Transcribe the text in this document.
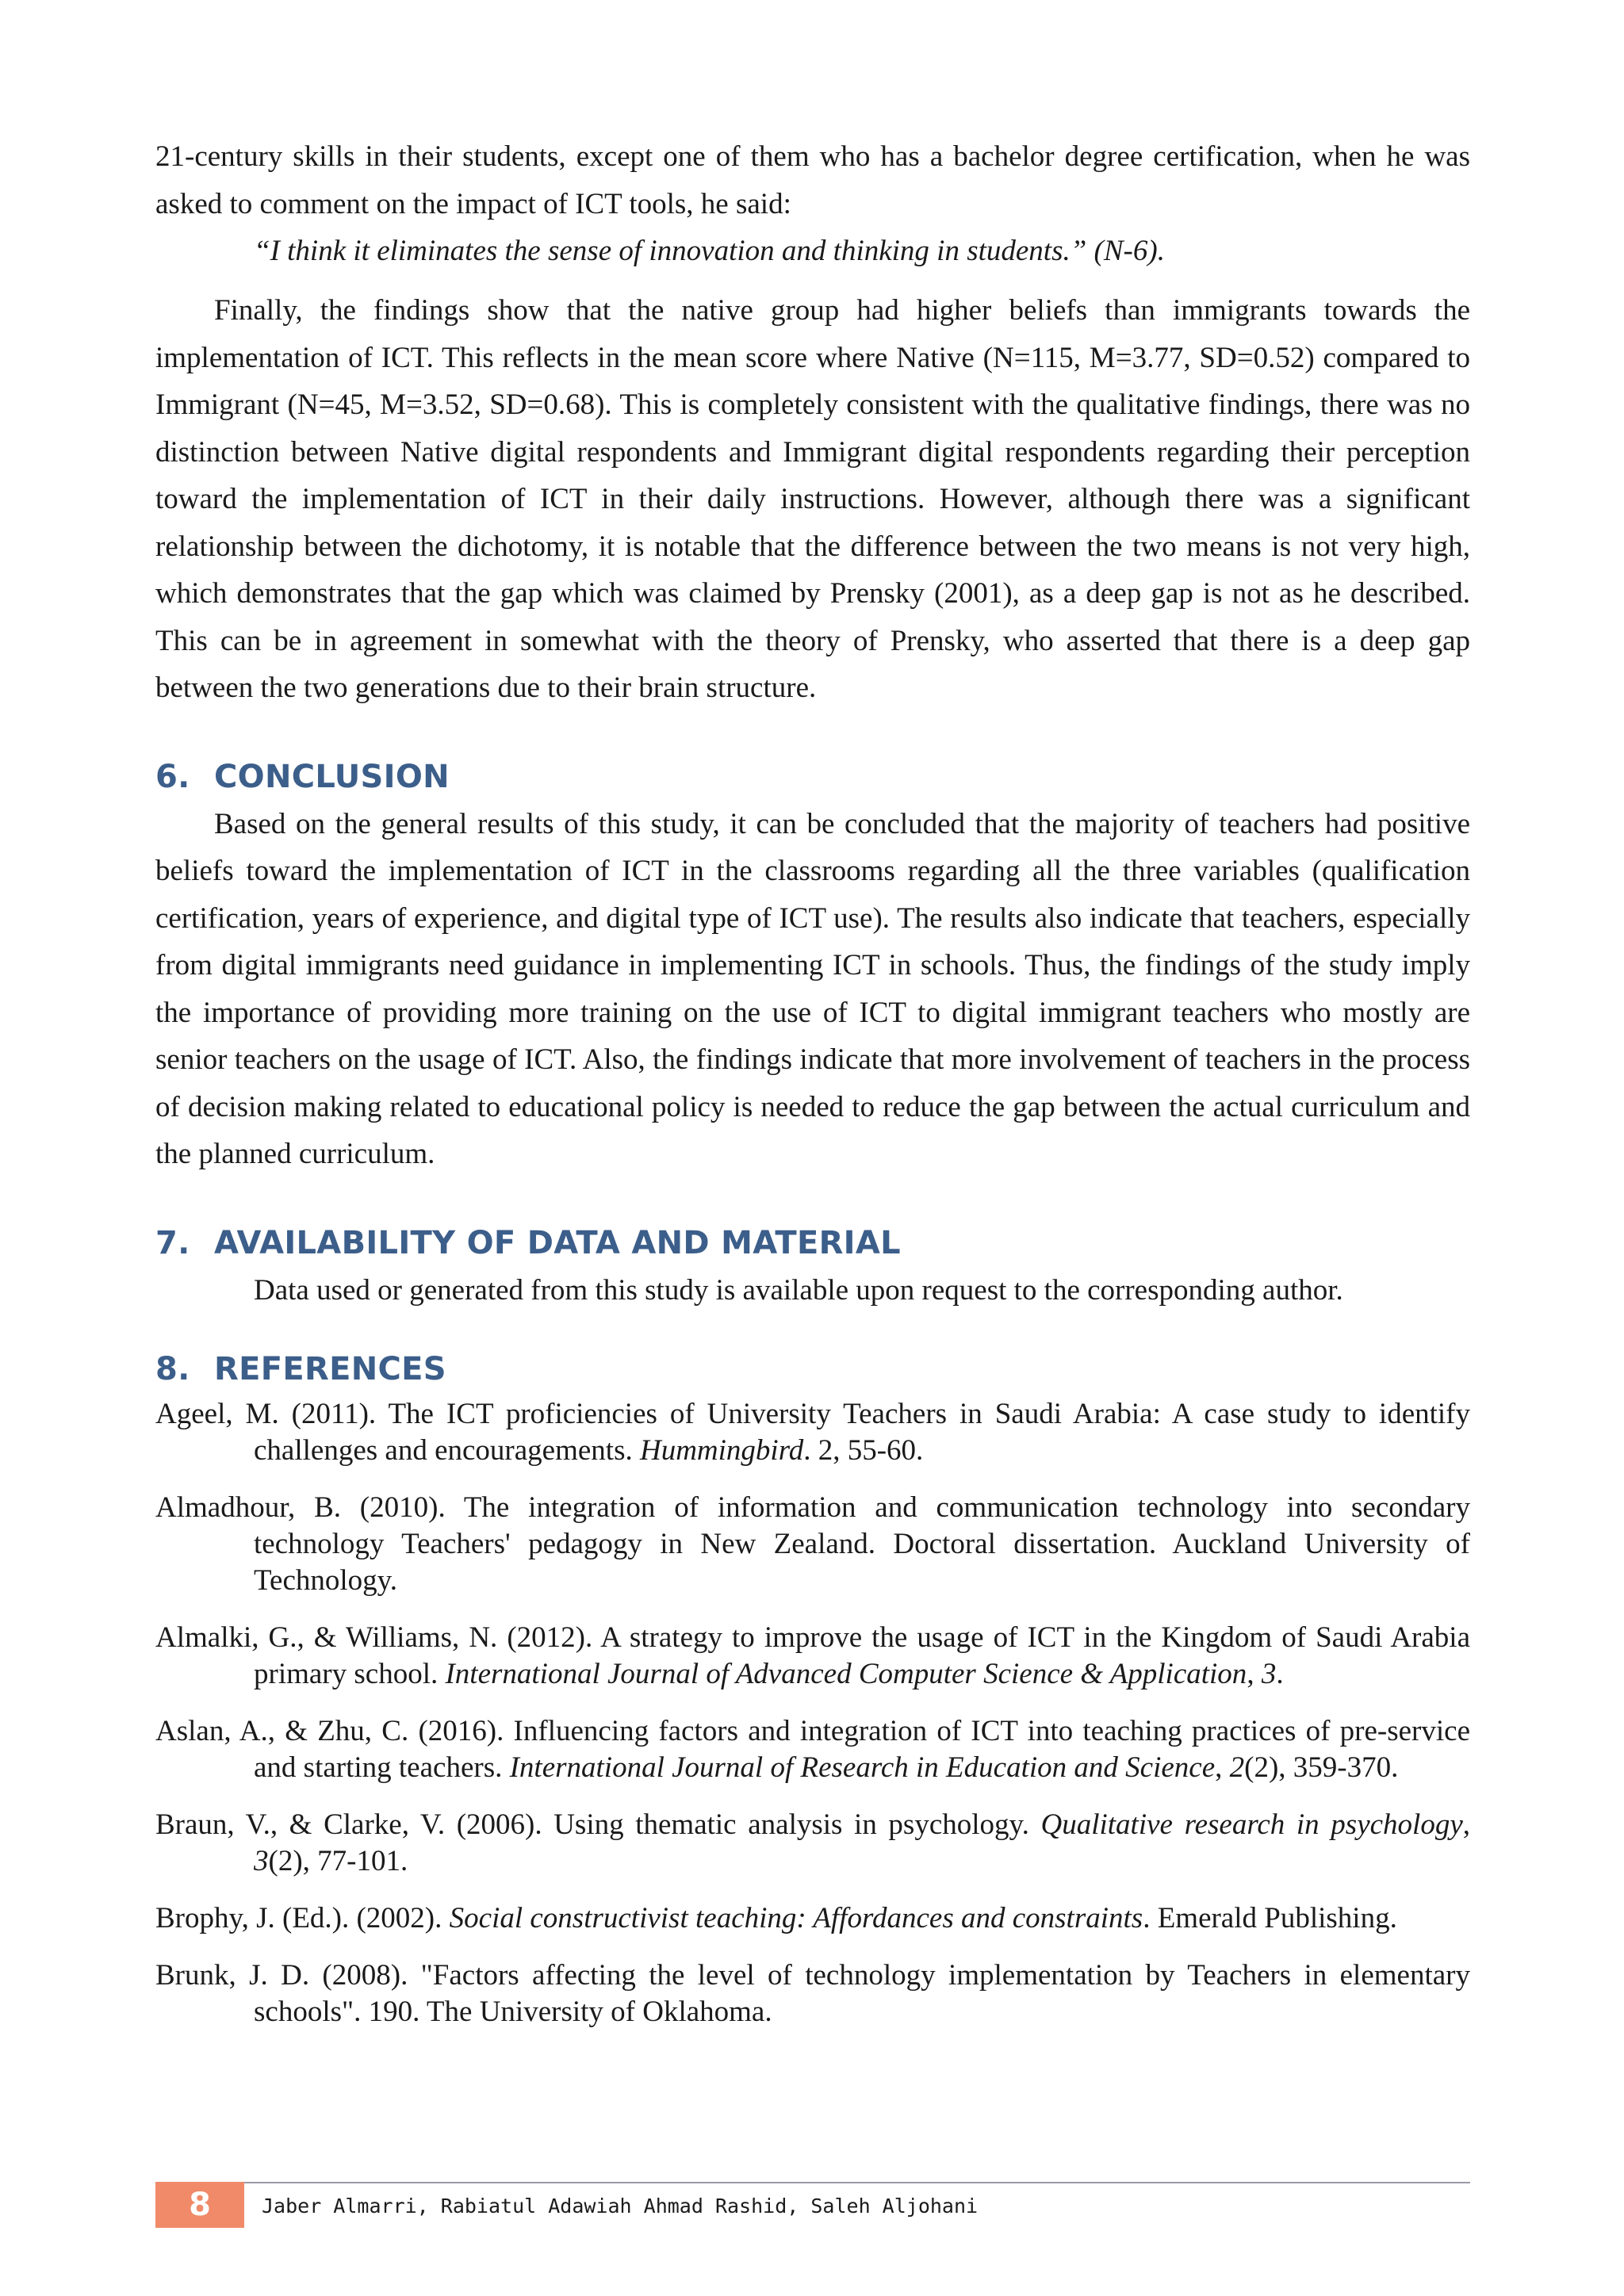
21-century skills in their students, except one of them who has a bachelor degree certification, when he was asked to comment on the impact of ICT tools, he said:

“I think it eliminates the sense of innovation and thinking in students.” (N-6).

Finally, the findings show that the native group had higher beliefs than immigrants towards the implementation of ICT. This reflects in the mean score where Native (N=115, M=3.77, SD=0.52) compared to Immigrant (N=45, M=3.52, SD=0.68). This is completely consistent with the qualitative findings, there was no distinction between Native digital respondents and Immigrant digital respondents regarding their perception toward the implementation of ICT in their daily instructions. However, although there was a significant relationship between the dichotomy, it is notable that the difference between the two means is not very high, which demonstrates that the gap which was claimed by Prensky (2001), as a deep gap is not as he described. This can be in agreement in somewhat with the theory of Prensky, who asserted that there is a deep gap between the two generations due to their brain structure.

6. CONCLUSION

Based on the general results of this study, it can be concluded that the majority of teachers had positive beliefs toward the implementation of ICT in the classrooms regarding all the three variables (qualification certification, years of experience, and digital type of ICT use). The results also indicate that teachers, especially from digital immigrants need guidance in implementing ICT in schools. Thus, the findings of the study imply the importance of providing more training on the use of ICT to digital immigrant teachers who mostly are senior teachers on the usage of ICT. Also, the findings indicate that more involvement of teachers in the process of decision making related to educational policy is needed to reduce the gap between the actual curriculum and the planned curriculum.

7. AVAILABILITY OF DATA AND MATERIAL

Data used or generated from this study is available upon request to the corresponding author.

8. REFERENCES

Ageel, M. (2011). The ICT proficiencies of University Teachers in Saudi Arabia: A case study to identify challenges and encouragements. Hummingbird. 2, 55-60.

Almadhour, B. (2010). The integration of information and communication technology into secondary technology Teachers' pedagogy in New Zealand. Doctoral dissertation. Auckland University of Technology.

Almalki, G., & Williams, N. (2012). A strategy to improve the usage of ICT in the Kingdom of Saudi Arabia primary school. International Journal of Advanced Computer Science & Application, 3.

Aslan, A., & Zhu, C. (2016). Influencing factors and integration of ICT into teaching practices of pre-service and starting teachers. International Journal of Research in Education and Science, 2(2), 359-370.

Braun, V., & Clarke, V. (2006). Using thematic analysis in psychology. Qualitative research in psychology, 3(2), 77-101.

Brophy, J. (Ed.). (2002). Social constructivist teaching: Affordances and constraints. Emerald Publishing.

Brunk, J. D. (2008). "Factors affecting the level of technology implementation by Teachers in elementary schools". 190. The University of Oklahoma.

8	Jaber Almarri, Rabiatul Adawiah Ahmad Rashid, Saleh Aljohani
